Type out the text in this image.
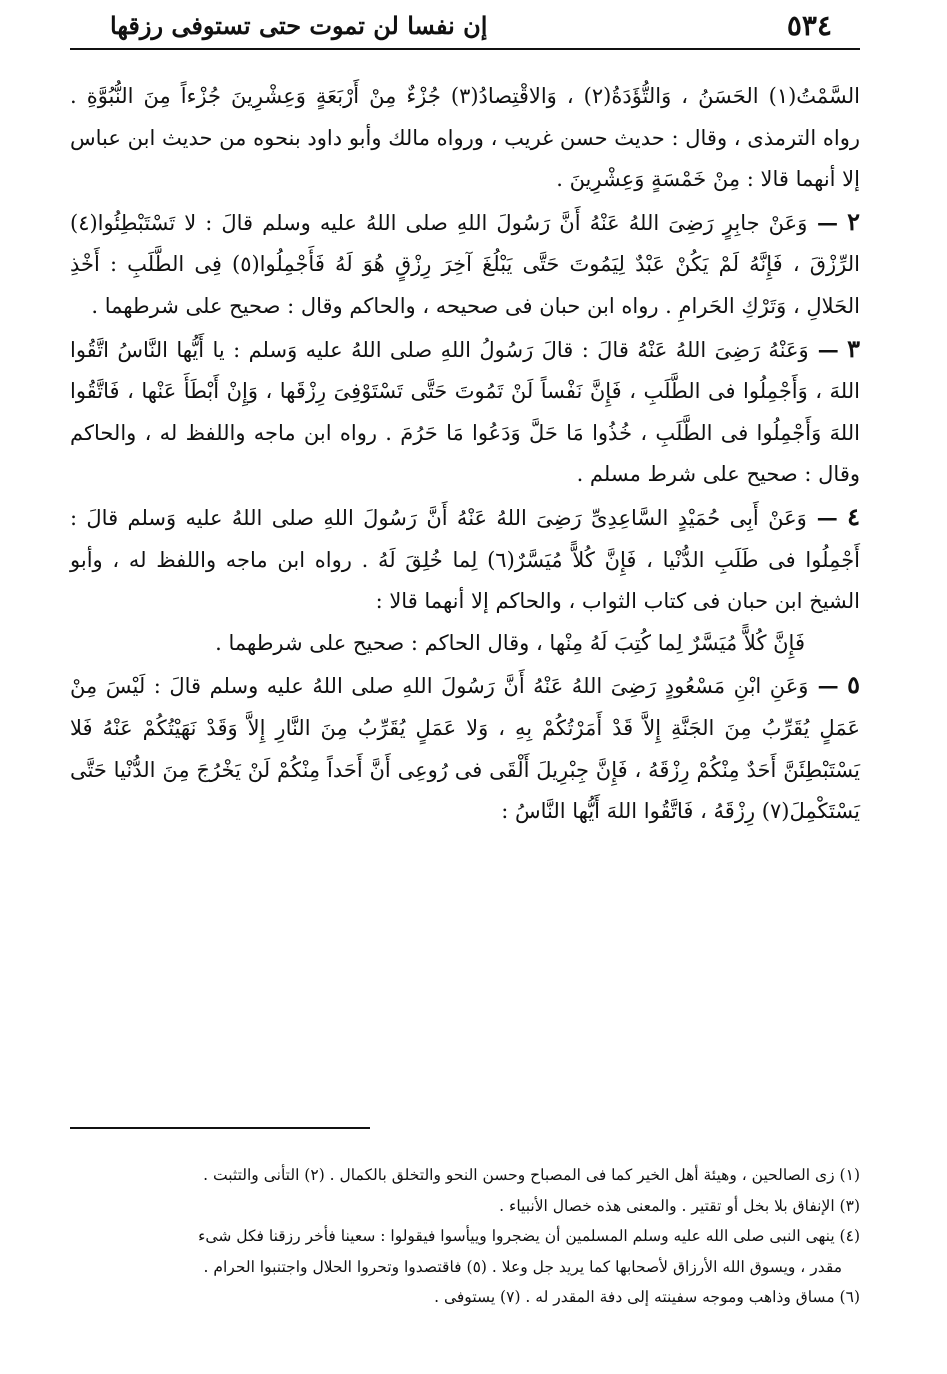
٥٣٤
إن نفسا لن تموت حتى تستوفى رزقها

السَّمْتُ(١) الحَسَنُ ، وَالتُّؤَدَةُ(٢) ، وَالاقْتِصادُ(٣) جُزْءٌ مِنْ أَرْبَعَةٍ وَعِشْرِينَ جُزْءاً مِنَ النُّبُوَّةِ . رواه الترمذى ، وقال : حديث حسن غريب ، ورواه مالك وأبو داود بنحوه من حديث ابن عباس إلا أنهما قالا : مِنْ خَمْسَةٍ وَعِشْرِينَ .

٢ — وَعَنْ جابِرٍ رَضِىَ اللهُ عَنْهُ أَنَّ رَسُولَ اللهِ صلى اللهُ عليه وسلم قالَ : لا تَسْتَبْطِئُوا(٤) الرِّزْقَ ، فَإِنَّهُ لَمْ يَكُنْ عَبْدٌ لِيَمُوتَ حَتَّى يَبْلُغَ آخِرَ رِزْقٍ هُوَ لَهُ فَأَجْمِلُوا(٥) فِى الطَّلَبِ : أَخْذِ الحَلالِ ، وَتَرْكِ الحَرامِ . رواه ابن حبان فى صحيحه ، والحاكم وقال : صحيح على شرطهما .

٣ — وَعَنْهُ رَضِىَ اللهُ عَنْهُ قالَ : قالَ رَسُولُ اللهِ صلى اللهُ عليه وَسلم : يا أَيُّها النَّاسُ اتَّقُوا اللهَ ، وَأَجْمِلُوا فى الطَّلَبِ ، فَإِنَّ نَفْساً لَنْ تَمُوتَ حَتَّى تَسْتَوْفِىَ رِزْقَها ، وَإِنْ أَبْطَأَ عَنْها ، فَاتَّقُوا اللهَ وَأَجْمِلُوا فى الطَّلَبِ ، خُذُوا مَا حَلَّ وَدَعُوا مَا حَرُمَ . رواه ابن ماجه واللفظ له ، والحاكم وقال : صحيح على شرط مسلم .

٤ — وَعَنْ أَبِى حُمَيْدٍ السَّاعِدِىِّ رَضِىَ اللهُ عَنْهُ أَنَّ رَسُولَ اللهِ صلى اللهُ عليه وَسلم قالَ : أَجْمِلُوا فى طَلَبِ الدُّنْيا ، فَإِنَّ كُلاًّ مُيَسَّرٌ(٦) لِما خُلِقَ لَهُ . رواه ابن ماجه واللفظ له ، وأبو الشيخ ابن حبان فى كتاب الثواب ، والحاكم إلا أنهما قالا :

فَإِنَّ كُلاًّ مُيَسَّرٌ لِما كُتِبَ لَهُ مِنْها ، وقال الحاكم : صحيح على شرطهما .

٥ — وَعَنِ ابْنِ مَسْعُودٍ رَضِىَ اللهُ عَنْهُ أَنَّ رَسُولَ اللهِ صلى اللهُ عليه وسلم قالَ : لَيْسَ مِنْ عَمَلٍ يُقَرِّبُ مِنَ الجَنَّةِ إِلاَّ قَدْ أَمَرْتُكُمْ بِهِ ، وَلا عَمَلٍ يُقَرِّبُ مِنَ النَّارِ إِلاَّ وَقَدْ نَهَيْتُكُمْ عَنْهُ فَلا يَسْتَبْطِئَنَّ أَحَدٌ مِنْكُمْ رِزْقَهُ ، فَإِنَّ جِبْرِيلَ أَلْقَى فى رُوعِى أَنَّ أَحَداً مِنْكُمْ لَنْ يَخْرُجَ مِنَ الدُّنْيا حَتَّى يَسْتَكْمِلَ(٧) رِزْقَهُ ، فَاتَّقُوا اللهَ أَيُّها النَّاسُ :

(١) زى الصالحين ، وهيئة أهل الخير كما فى المصباح وحسن النحو والتخلق بالكمال . (٢) التأنى والتثبت .

(٣) الإنفاق بلا بخل أو تقتير . والمعنى هذه خصال الأنبياء .

(٤) ينهى النبى صلى الله عليه وسلم المسلمين أن يضجروا وييأسوا فيقولوا : سعينا فأخر رزقنا فكل شىء

مقدر ، ويسوق الله الأرزاق لأصحابها كما يريد جل وعلا . (٥) فاقتصدوا وتحروا الحلال واجتنبوا الحرام .

(٦) مساق وذاهب وموجه سفينته إلى دفة المقدر له . (٧) يستوفى .
